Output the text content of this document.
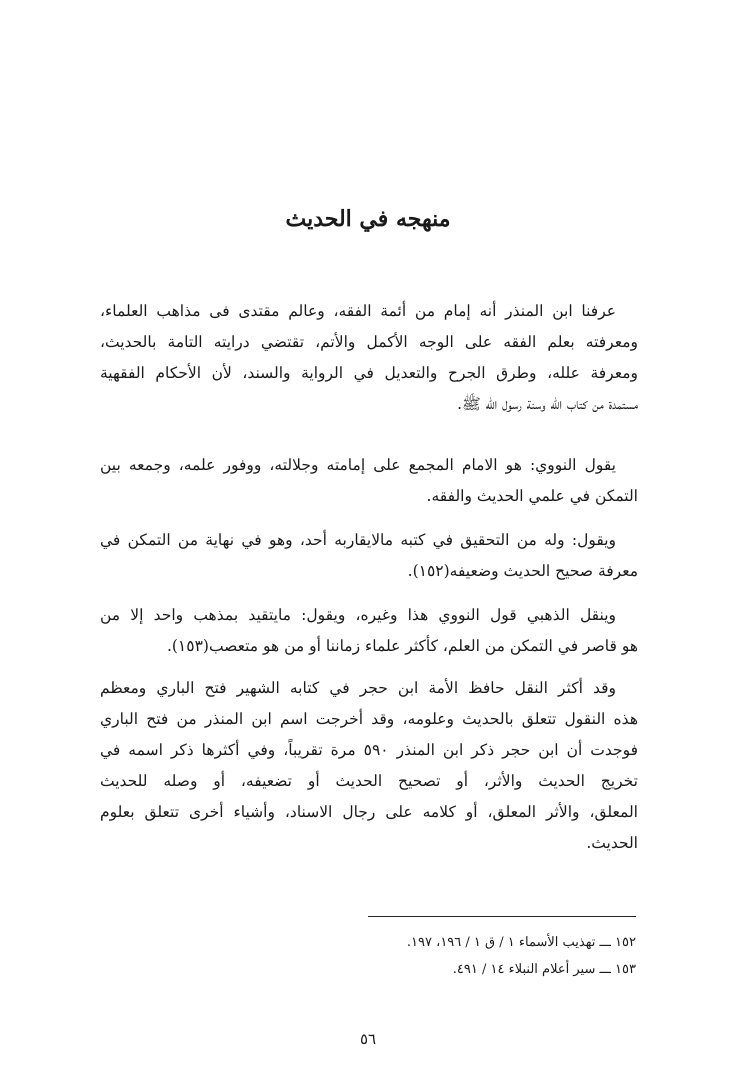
منهجه في الحديث
عرفنا ابن المنذر أنه إمام من أئمة الفقه، وعالم مقتدى فى مذاهب العلماء،
ومعرفته بعلم الفقه على الوجه الأكمل والأتم، تقتضي درايته التامة بالحديث،
ومعرفة علله، وطرق الجرح والتعديل في الرواية والسند، لأن الأحكام الفقهية
مستمدة من كتاب الله وسنة رسول الله ﷺ.
يقول النووي: هو الامام المجمع على إمامته وجلالته، ووفور علمه، وجمعه بين
التمكن في علمي الحديث والفقه.
ويقول: وله من التحقيق في كتبه مالايقاربه أحد، وهو في نهاية من التمكن في
معرفة صحيح الحديث وضعيفه(١٥٢).
وينقل الذهبي قول النووي هذا وغيره، ويقول: مايتقيد بمذهب واحد إلا من
هو قاصر في التمكن من العلم، كأكثر علماء زماننا أو من هو متعصب(١٥٣).
وقد أكثر النقل حافظ الأمة ابن حجر في كتابه الشهير فتح الباري ومعظم
هذه النقول تتعلق بالحديث وعلومه، وقد أخرجت اسم ابن المنذر من فتح الباري
فوجدت أن ابن حجر ذكر ابن المنذر ٥٩٠ مرة تقريباً، وفي أكثرها ذكر اسمه في
تخريج الحديث والأثر، أو تصحيح الحديث أو تضعيفه، أو وصله للحديث
المعلق، والأثر المعلق، أو كلامه على رجال الاسناد، وأشياء أخرى تتعلق بعلوم
الحديث.
١٥٢ ـــ تهذيب الأسماء ١ / ق ١ / ١٩٦، ١٩٧.
١٥٣ ـــ سير أعلام النبلاء ١٤ / ٤٩١.
٥٦
